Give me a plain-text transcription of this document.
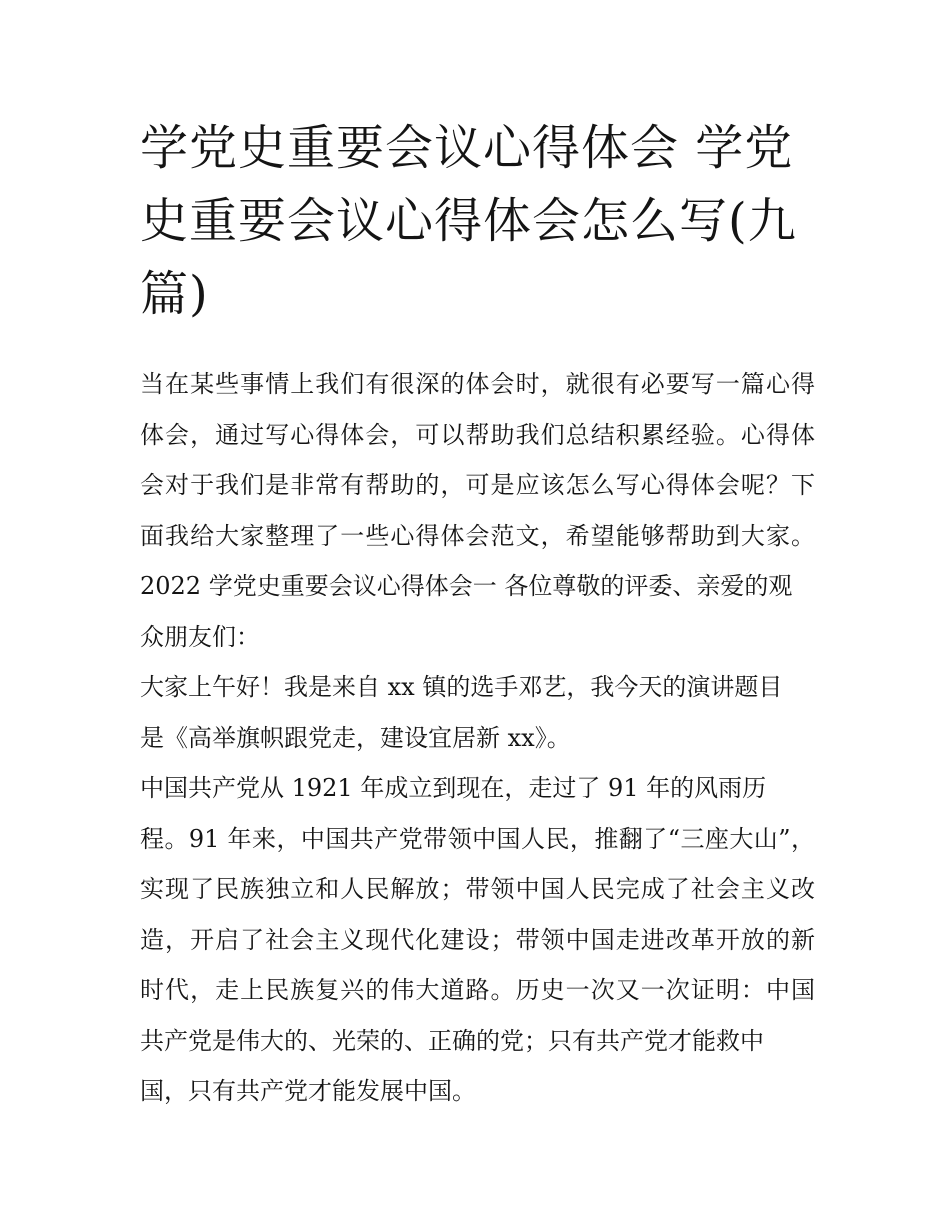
学党史重要会议心得体会 学党
史重要会议心得体会怎么写(九
篇)
当在某些事情上我们有很深的体会时，就很有必要写一篇心得
体会，通过写心得体会，可以帮助我们总结积累经验。心得体
会对于我们是非常有帮助的，可是应该怎么写心得体会呢？下
面我给大家整理了一些心得体会范文，希望能够帮助到大家。
2022 学党史重要会议心得体会一 各位尊敬的评委、亲爱的观
众朋友们：
大家上午好！我是来自 xx 镇的选手邓艺，我今天的演讲题目
是《高举旗帜跟党走，建设宜居新 xx》。
中国共产党从 1921 年成立到现在，走过了 91 年的风雨历
程。91 年来，中国共产党带领中国人民，推翻了“三座大山”，
实现了民族独立和人民解放；带领中国人民完成了社会主义改
造，开启了社会主义现代化建设；带领中国走进改革开放的新
时代，走上民族复兴的伟大道路。历史一次又一次证明：中国
共产党是伟大的、光荣的、正确的党；只有共产党才能救中
国，只有共产党才能发展中国。
